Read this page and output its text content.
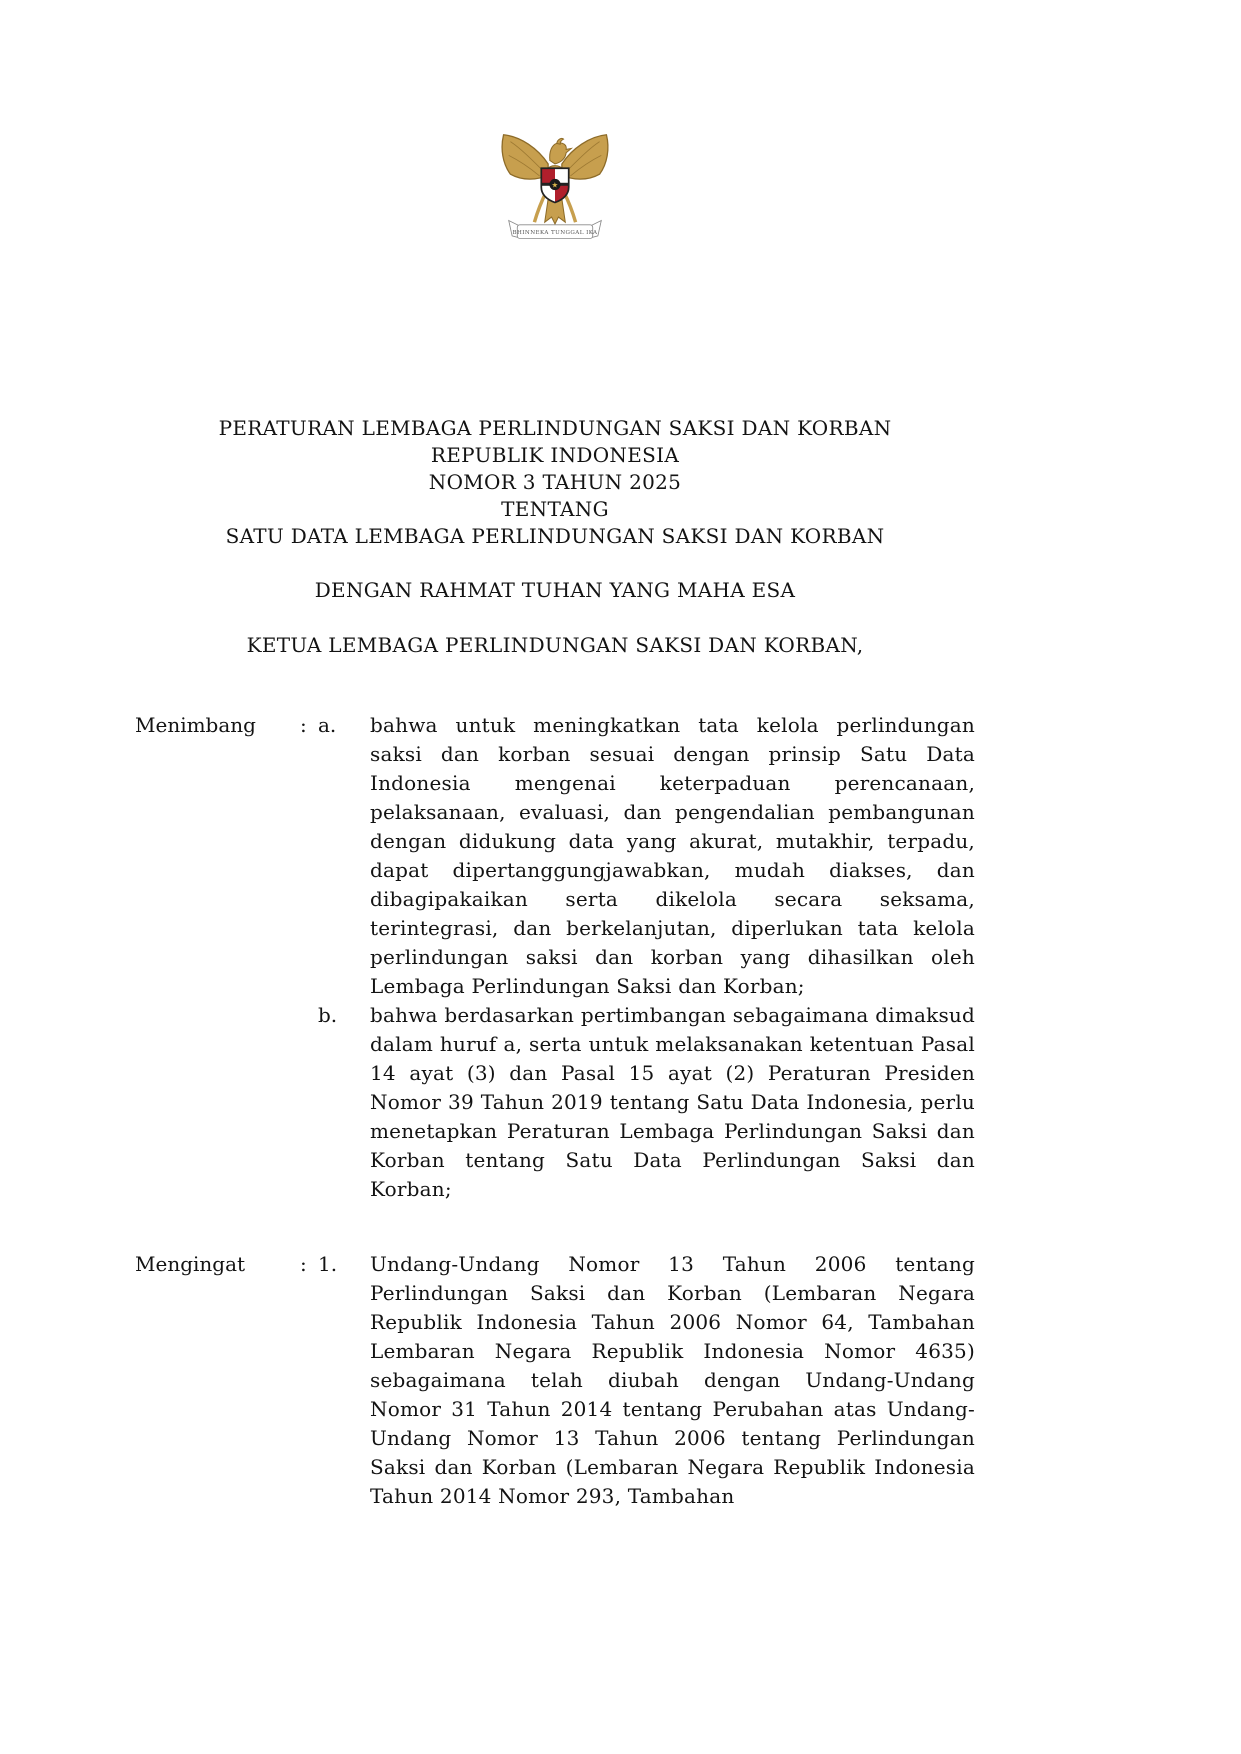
★
BHINNEKA TUNGGAL IKA
PERATURAN LEMBAGA PERLINDUNGAN SAKSI DAN KORBAN
REPUBLIK INDONESIA
NOMOR 3 TAHUN 2025
TENTANG
SATU DATA LEMBAGA PERLINDUNGAN SAKSI DAN KORBAN
DENGAN RAHMAT TUHAN YANG MAHA ESA
KETUA LEMBAGA PERLINDUNGAN SAKSI DAN KORBAN,
Menimbang	: a.	bahwa untuk meningkatkan tata kelola perlindungan saksi dan korban sesuai dengan prinsip Satu Data Indonesia mengenai keterpaduan perencanaan, pelaksanaan, evaluasi, dan pengendalian pembangunan dengan didukung data yang akurat, mutakhir, terpadu, dapat dipertanggungjawabkan, mudah diakses, dan dibagipakaikan serta dikelola secara seksama, terintegrasi, dan berkelanjutan, diperlukan tata kelola perlindungan saksi dan korban yang dihasilkan oleh Lembaga Perlindungan Saksi dan Korban;

b.	bahwa berdasarkan pertimbangan sebagaimana dimaksud dalam huruf a, serta untuk melaksanakan ketentuan Pasal 14 ayat (3) dan Pasal 15 ayat (2) Peraturan Presiden Nomor 39 Tahun 2019 tentang Satu Data Indonesia, perlu menetapkan Peraturan Lembaga Perlindungan Saksi dan Korban tentang Satu Data Perlindungan Saksi dan Korban;

Mengingat	: 1.	Undang-Undang Nomor 13 Tahun 2006 tentang Perlindungan Saksi dan Korban (Lembaran Negara Republik Indonesia Tahun 2006 Nomor 64, Tambahan Lembaran Negara Republik Indonesia Nomor 4635) sebagaimana telah diubah dengan Undang-Undang Nomor 31 Tahun 2014 tentang Perubahan atas Undang-Undang Nomor 13 Tahun 2006 tentang Perlindungan Saksi dan Korban (Lembaran Negara Republik Indonesia Tahun 2014 Nomor 293, Tambahan
